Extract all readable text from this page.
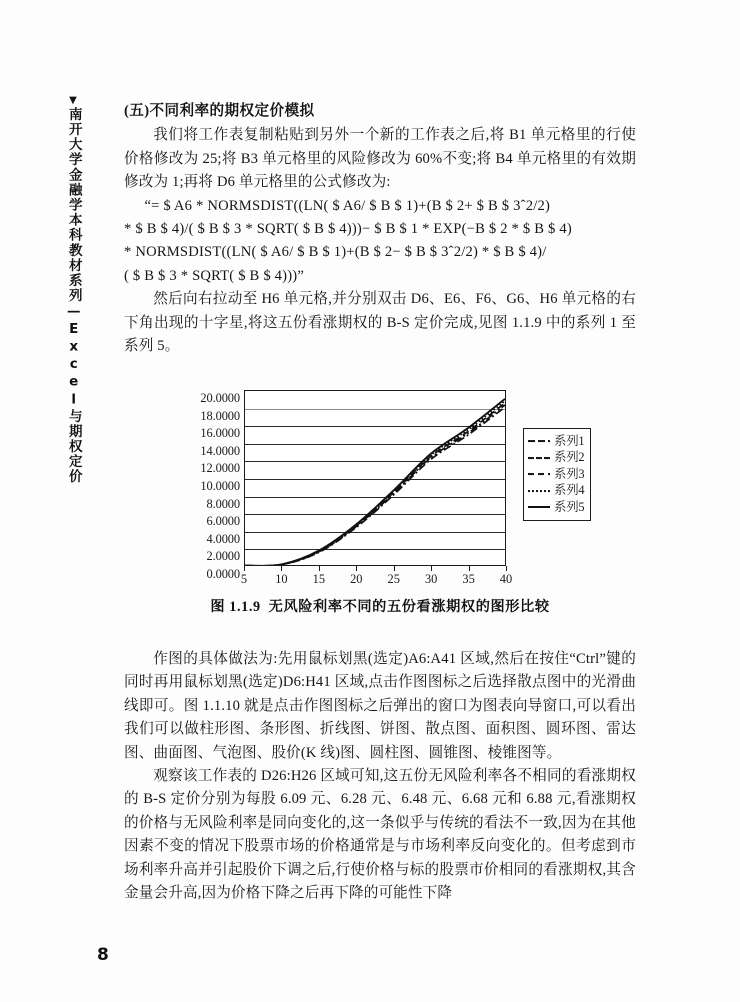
▼
南开大学金融学本科教材系列—Excel与期权定价	(五)不同利率的期权定价模拟

我们将工作表复制粘贴到另外一个新的工作表之后,将 B1 单元格里的行使价格修改为 25;将 B3 单元格里的风险修改为 60%不变;将 B4 单元格里的有效期修改为 1;再将 D6 单元格里的公式修改为:

“= $ A6 * NORMSDIST((LN( $ A6/ $ B $ 1)+(B $ 2+ $ B $ 3ˆ2/2)
* $ B $ 4)/( $ B $ 3 * SQRT( $ B $ 4)))− $ B $ 1 * EXP(−B $ 2 * $ B $ 4)
* NORMSDIST((LN( $ A6/ $ B $ 1)+(B $ 2− $ B $ 3ˆ2/2) * $ B $ 4)/
( $ B $ 3 * SQRT( $ B $ 4)))”

然后向右拉动至 H6 单元格,并分别双击 D6、E6、F6、G6、H6 单元格的右下角出现的十字星,将这五份看涨期权的 B-S 定价完成,见图 1.1.9 中的系列 1 至系列 5。

0.0000
2.0000
4.0000
6.0000
8.0000
10.0000
12.0000
14.0000
16.0000
18.0000
20.0000
5 10 15 20 25 30 35 40
系列1
系列2
系列3
系列4
系列5
图 1.1.9 无风险利率不同的五份看涨期权的图形比较

作图的具体做法为:先用鼠标划黑(选定)A6:A41 区域,然后在按住“Ctrl”键的同时再用鼠标划黑(选定)D6:H41 区域,点击作图图标之后选择散点图中的光滑曲线即可。图 1.1.10 就是点击作图图标之后弹出的窗口为图表向导窗口,可以看出我们可以做柱形图、条形图、折线图、饼图、散点图、面积图、圆环图、雷达图、曲面图、气泡图、股价(K 线)图、圆柱图、圆锥图、棱锥图等。

观察该工作表的 D26:H26 区域可知,这五份无风险利率各不相同的看涨期权的 B-S 定价分别为每股 6.09 元、6.28 元、6.48 元、6.68 元和 6.88 元,看涨期权的价格与无风险利率是同向变化的,这一条似乎与传统的看法不一致,因为在其他因素不变的情况下股票市场的价格通常是与市场利率反向变化的。但考虑到市场利率升高并引起股价下调之后,行使价格与标的股票市价相同的看涨期权,其含金量会升高,因为价格下降之后再下降的可能性下降

8
